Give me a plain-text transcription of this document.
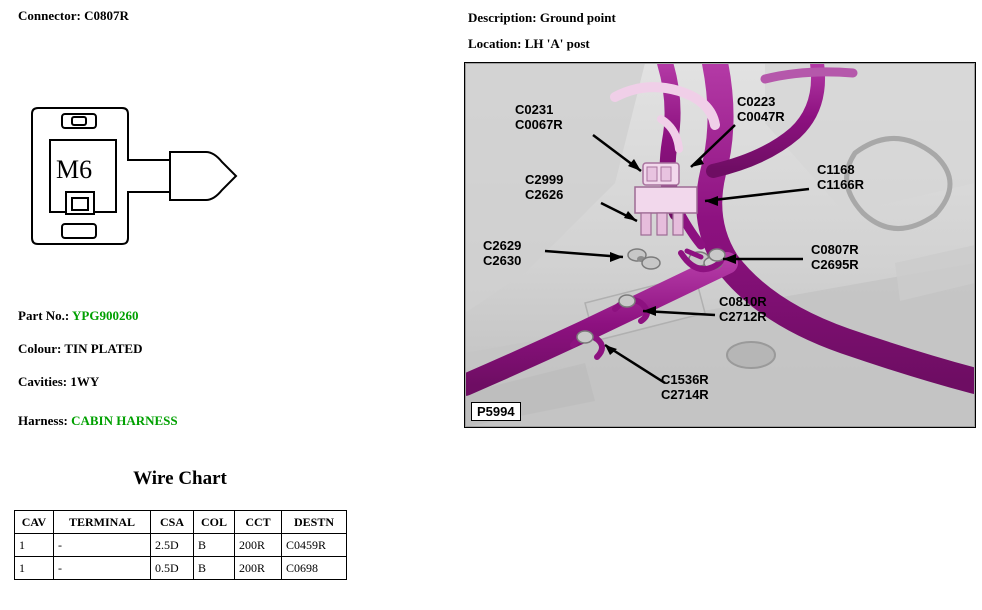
Connector: C0807R
M6
Part No.: YPG900260
Colour: TIN PLATED
Cavities: 1WY
Harness: CABIN HARNESS
Wire Chart
CAV	TERMINAL	CSA	COL	CCT	DESTN
1	-	2.5D	B	200R	C0459R
1	-	0.5D	B	200R	C0698
Description: Ground point
Location: LH 'A' post
C0231
C0067R
C0223
C0047R
C2999
C2626
C1168
C1166R
C2629
C2630
C0807R
C2695R
C0810R
C2712R
C1536R
C2714R
P5994
